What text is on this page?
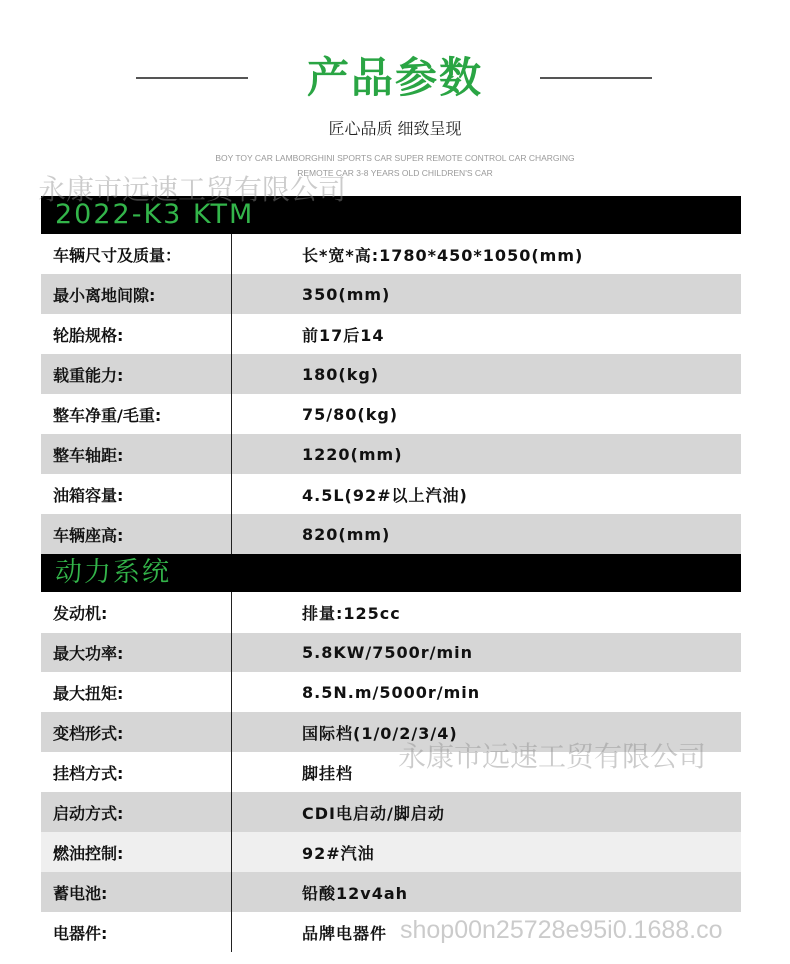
产品参数
匠心品质 细致呈现
BOY TOY CAR LAMBORGHINI SPORTS CAR SUPER REMOTE CONTROL CAR CHARGING
REMOTE CAR 3-8 YEARS OLD CHILDREN'S CAR
2022-K3 KTM
车辆尺寸及质量：	长*宽*高:1780*450*1050(mm)
最小离地间隙:	350(mm)
轮胎规格:	前17后14
载重能力:	180(kg)
整车净重/毛重:	75/80(kg)
整车轴距:	1220(mm)
油箱容量:	4.5L(92#以上汽油)
车辆座高:	820(mm)
动力系统
发动机:	排量:125cc
最大功率:	5.8KW/7500r/min
最大扭矩:	8.5N.m/5000r/min
变档形式:	国际档(1/0/2/3/4)
挂档方式:	脚挂档
启动方式:	CDI电启动/脚启动
燃油控制:	92#汽油
蓄电池:	铅酸12v4ah
电器件:	品牌电器件
永康市远速工贸有限公司
永康市远速工贸有限公司
shop00n25728e95i0.1688.co
